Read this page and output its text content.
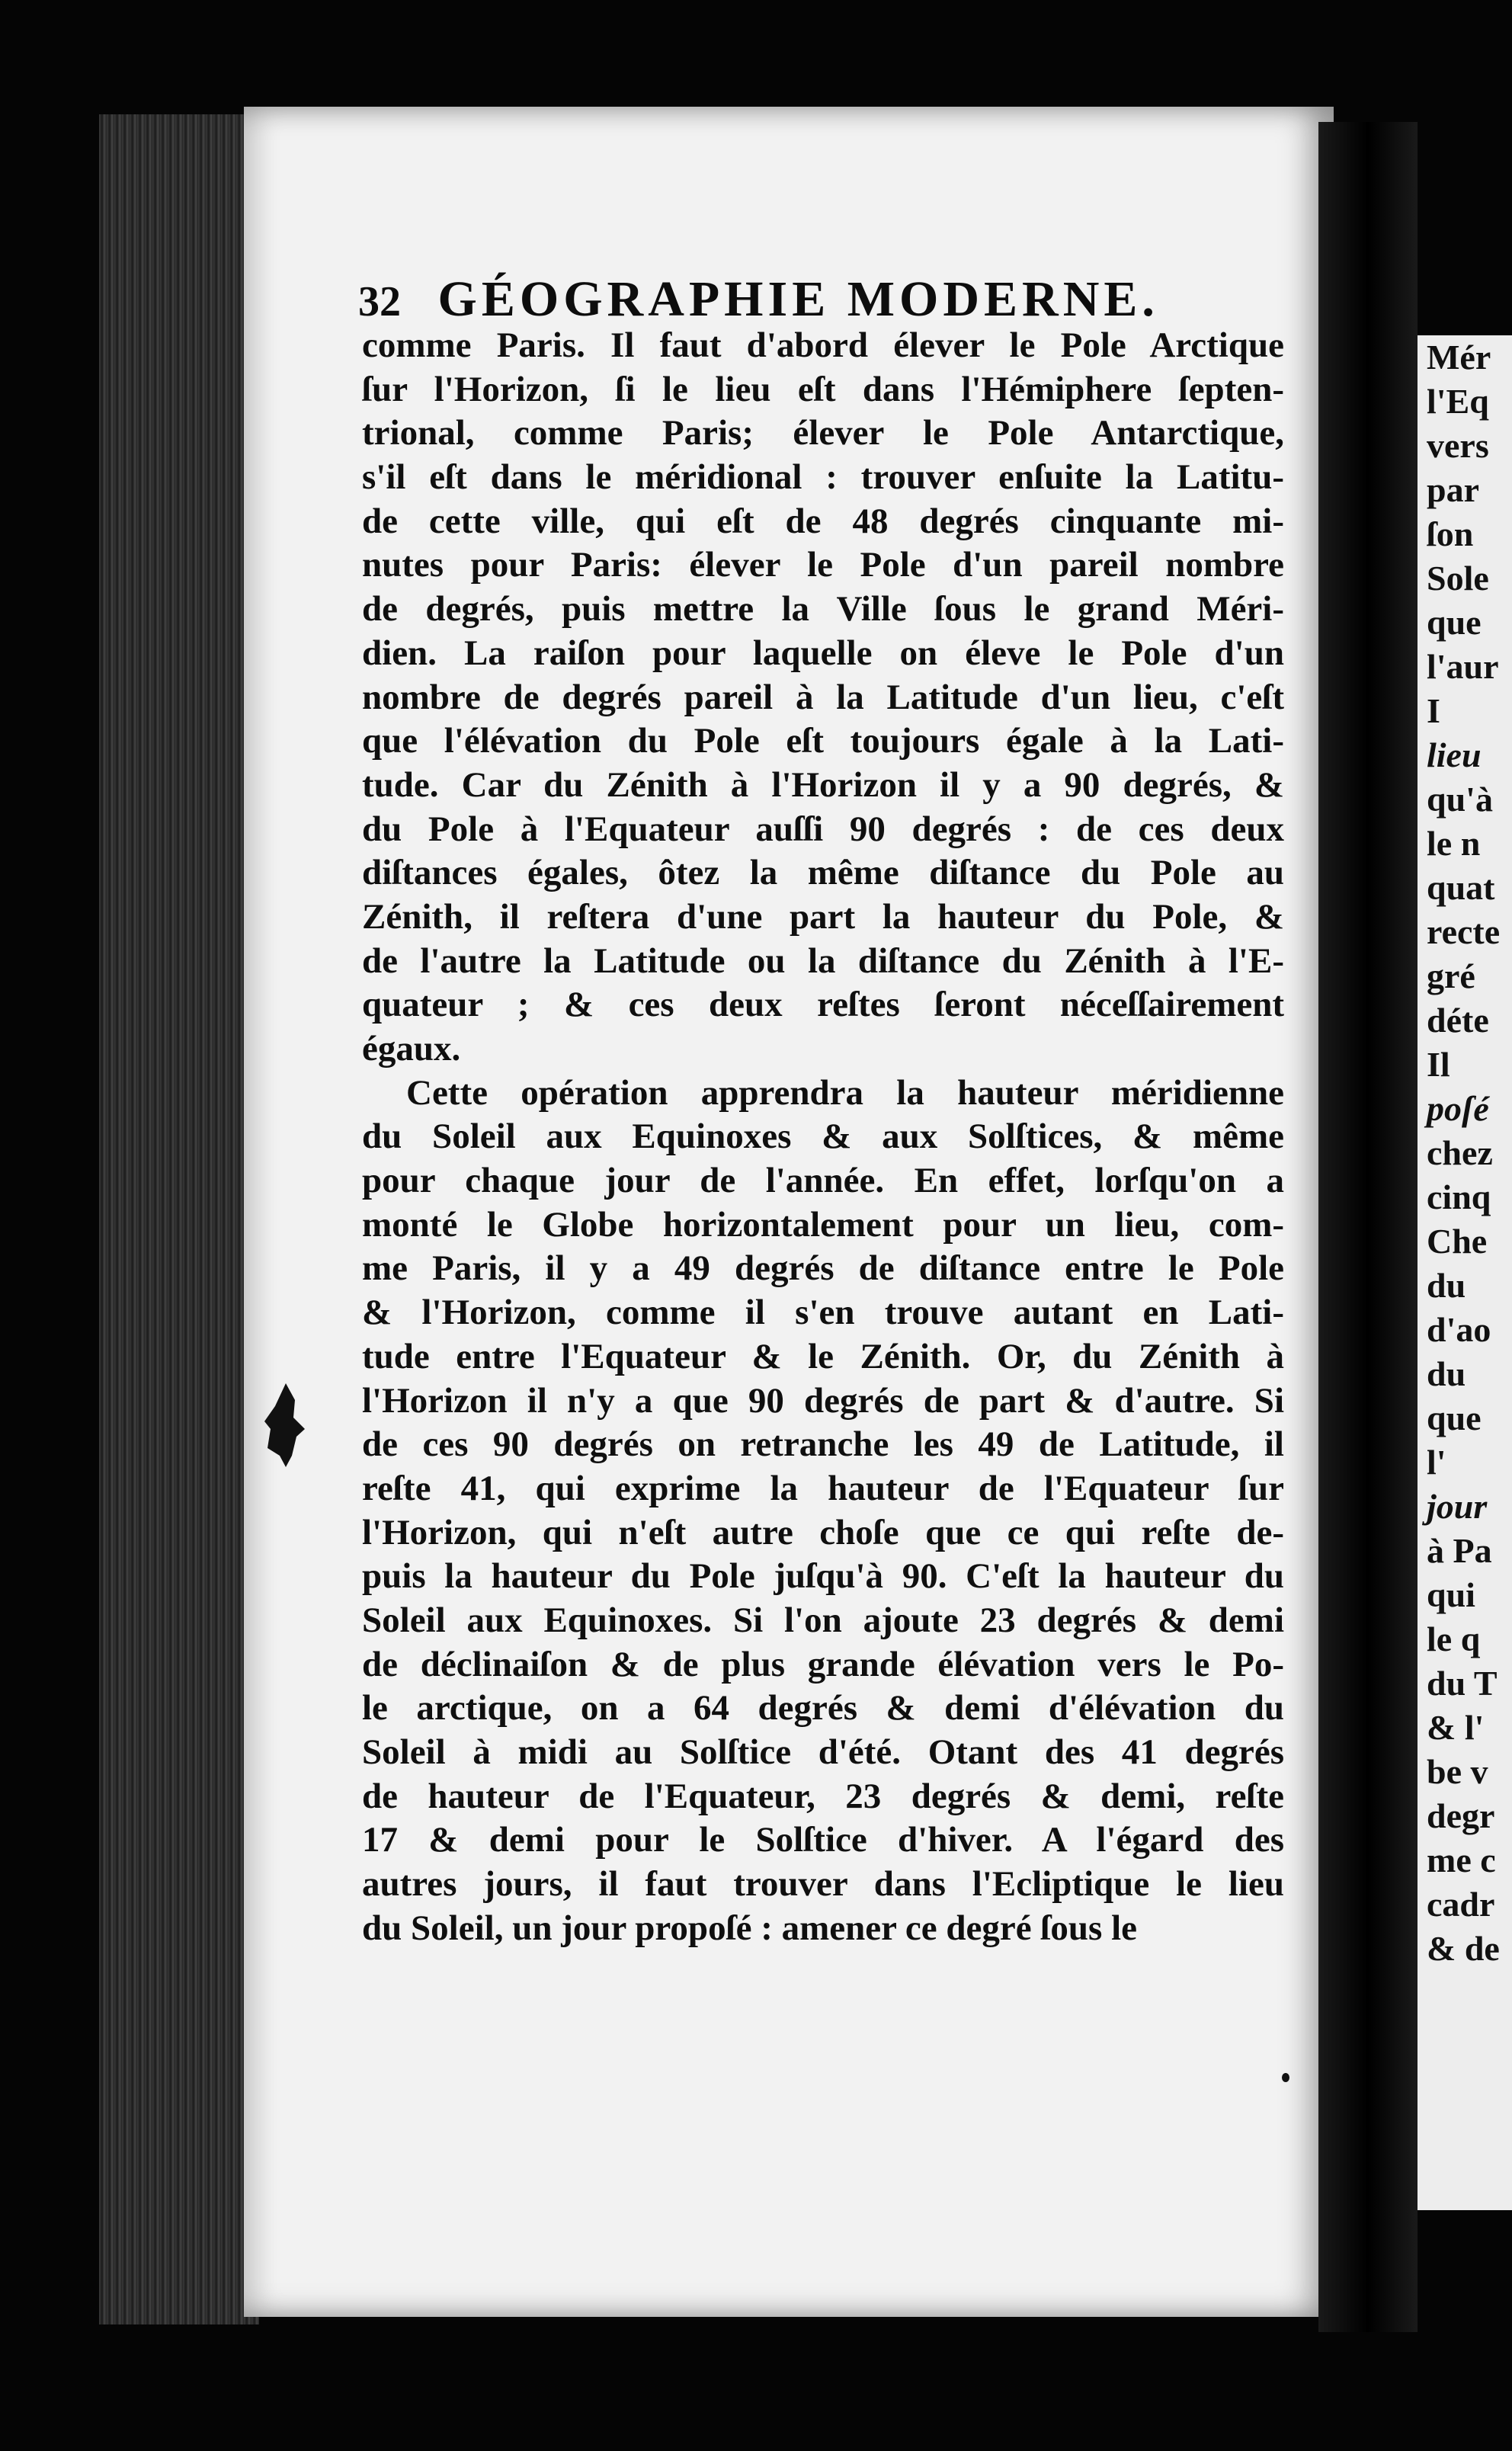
Mér
l'Eq
vers
par
ſon
Sole
que
l'aur
I
lieu
qu'à
le n
quat
recte
gré
déte
Il
poſé
chez
cinq
Che
du
d'ao
du
que
l'
jour
à Pa
qui
le q
du T
& l'
be v
degr
me c
cadr
& de
32 GÉOGRAPHIE MODERNE.
comme Paris. Il faut d'abord élever le Pole Arctique
ſur l'Horizon, ſi le lieu eſt dans l'Hémiphere ſepten-
trional, comme Paris; élever le Pole Antarctique,
s'il eſt dans le méridional : trouver enſuite la Latitu-
de cette ville, qui eſt de 48 degrés cinquante mi-
nutes pour Paris: élever le Pole d'un pareil nombre
de degrés, puis mettre la Ville ſous le grand Méri-
dien. La raiſon pour laquelle on éleve le Pole d'un
nombre de degrés pareil à la Latitude d'un lieu, c'eſt
que l'élévation du Pole eſt toujours égale à la Lati-
tude. Car du Zénith à l'Horizon il y a 90 degrés, &
du Pole à l'Equateur auſſi 90 degrés : de ces deux
diſtances égales, ôtez la même diſtance du Pole au
Zénith, il reſtera d'une part la hauteur du Pole, &
de l'autre la Latitude ou la diſtance du Zénith à l'E-
quateur ; & ces deux reſtes ſeront néceſſairement
égaux.
Cette opération apprendra la hauteur méridienne
du Soleil aux Equinoxes & aux Solſtices, & même
pour chaque jour de l'année. En effet, lorſqu'on a
monté le Globe horizontalement pour un lieu, com-
me Paris, il y a 49 degrés de diſtance entre le Pole
& l'Horizon, comme il s'en trouve autant en Lati-
tude entre l'Equateur & le Zénith. Or, du Zénith à
l'Horizon il n'y a que 90 degrés de part & d'autre. Si
de ces 90 degrés on retranche les 49 de Latitude, il
reſte 41, qui exprime la hauteur de l'Equateur ſur
l'Horizon, qui n'eſt autre choſe que ce qui reſte de-
puis la hauteur du Pole juſqu'à 90. C'eſt la hauteur du
Soleil aux Equinoxes. Si l'on ajoute 23 degrés & demi
de déclinaiſon & de plus grande élévation vers le Po-
le arctique, on a 64 degrés & demi d'élévation du
Soleil à midi au Solſtice d'été. Otant des 41 degrés
de hauteur de l'Equateur, 23 degrés & demi, reſte
17 & demi pour le Solſtice d'hiver. A l'égard des
autres jours, il faut trouver dans l'Ecliptique le lieu
du Soleil, un jour propoſé : amener ce degré ſous le
